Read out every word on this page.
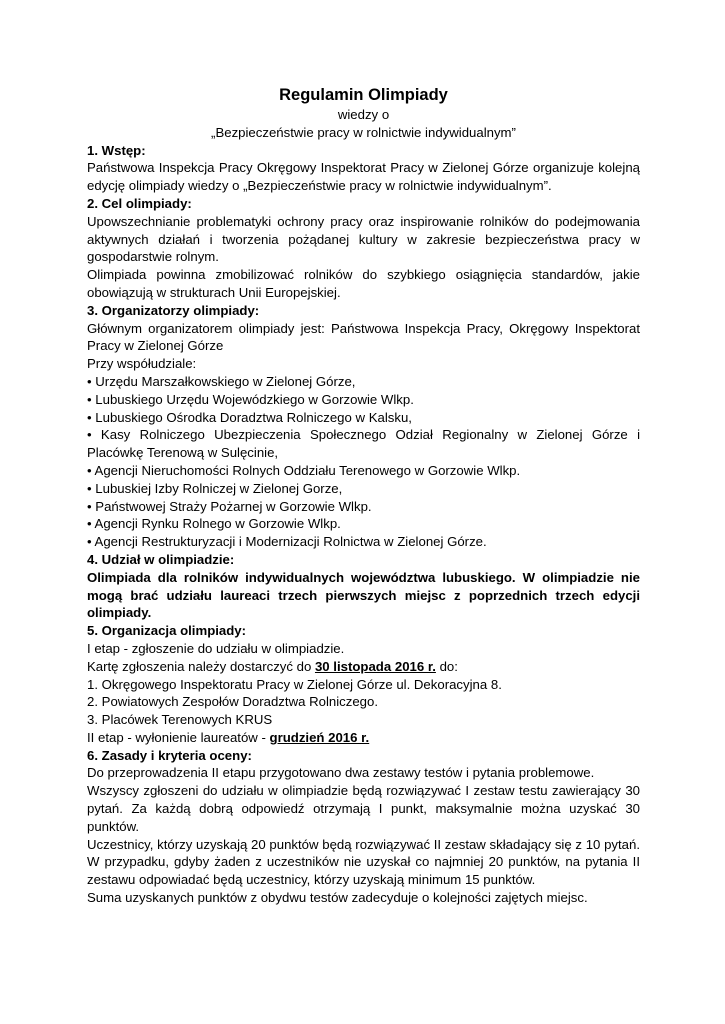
Regulamin Olimpiady

wiedzy o

„Bezpieczeństwie pracy w rolnictwie indywidualnym”

1. Wstęp:

Państwowa Inspekcja Pracy Okręgowy Inspektorat Pracy w Zielonej Górze organizuje kolejną edycję olimpiady wiedzy o „Bezpieczeństwie pracy w rolnictwie indywidualnym”.

2. Cel olimpiady:

Upowszechnianie problematyki ochrony pracy oraz inspirowanie rolników do podejmowania aktywnych działań i tworzenia pożądanej kultury w zakresie bezpieczeństwa pracy w gospodarstwie rolnym.

Olimpiada powinna zmobilizować rolników do szybkiego osiągnięcia standardów, jakie obowiązują w strukturach Unii Europejskiej.

3. Organizatorzy olimpiady:

Głównym organizatorem olimpiady jest: Państwowa Inspekcja Pracy, Okręgowy Inspektorat Pracy w Zielonej Górze

Przy współudziale:

• Urzędu Marszałkowskiego w Zielonej Górze,

• Lubuskiego Urzędu Wojewódzkiego w Gorzowie Wlkp.

• Lubuskiego Ośrodka Doradztwa Rolniczego w Kalsku,

• Kasy Rolniczego Ubezpieczenia Społecznego Odział Regionalny w Zielonej Górze i Placówkę Terenową w Sulęcinie,

• Agencji Nieruchomości Rolnych Oddziału Terenowego w Gorzowie Wlkp.

• Lubuskiej Izby Rolniczej w Zielonej Gorze,

• Państwowej Straży Pożarnej w Gorzowie Wlkp.

• Agencji Rynku Rolnego w Gorzowie Wlkp.

• Agencji Restrukturyzacji i Modernizacji Rolnictwa w Zielonej Górze.

4. Udział w olimpiadzie:

Olimpiada dla rolników indywidualnych województwa lubuskiego. W olimpiadzie nie mogą brać udziału laureaci trzech pierwszych miejsc z poprzednich trzech edycji olimpiady.

5. Organizacja olimpiady:

I etap - zgłoszenie do udziału w olimpiadzie.

Kartę zgłoszenia należy dostarczyć do 30 listopada 2016 r. do:

1. Okręgowego Inspektoratu Pracy w Zielonej Górze ul. Dekoracyjna 8.

2. Powiatowych Zespołów Doradztwa Rolniczego.

3. Placówek Terenowych KRUS

II etap - wyłonienie laureatów - grudzień 2016 r.

6. Zasady i kryteria oceny:

Do przeprowadzenia II etapu przygotowano dwa zestawy testów i pytania problemowe.

Wszyscy zgłoszeni do udziału w olimpiadzie będą rozwiązywać I zestaw testu zawierający 30 pytań. Za każdą dobrą odpowiedź otrzymają I punkt, maksymalnie można uzyskać 30 punktów.

Uczestnicy, którzy uzyskają 20 punktów będą rozwiązywać II zestaw składający się z 10 pytań. W przypadku, gdyby żaden z uczestników nie uzyskał co najmniej 20 punktów, na pytania II zestawu odpowiadać będą uczestnicy, którzy uzyskają minimum 15 punktów.

Suma uzyskanych punktów z obydwu testów zadecyduje o kolejności zajętych miejsc.
